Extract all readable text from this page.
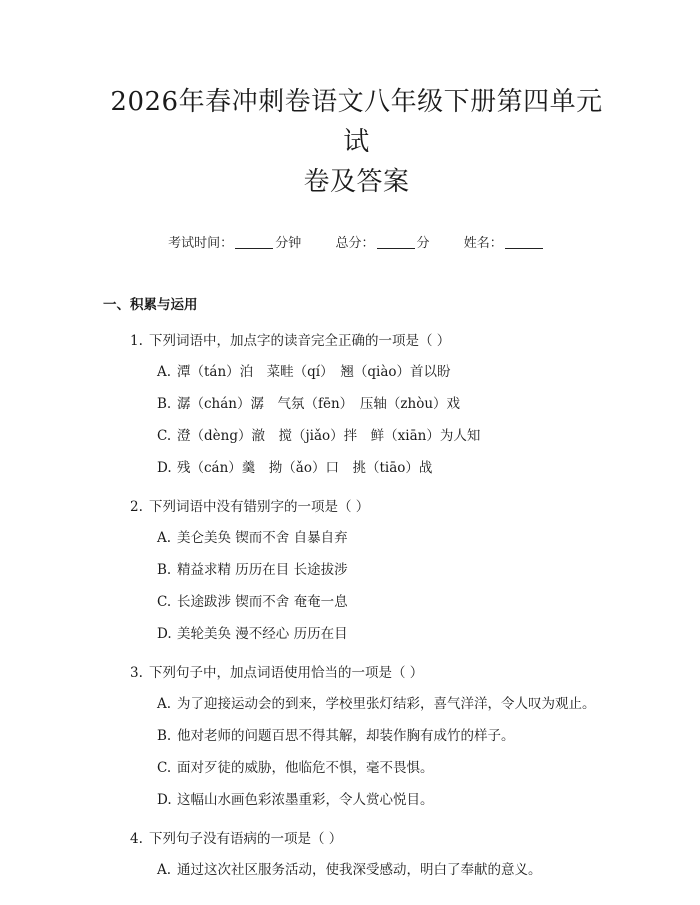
2026年春冲刺卷语文八年级下册第四单元试
卷及答案
考试时间：	分钟	总分：	分	姓名：
一、积累与运用
1. 下列词语中，加点字的读音完全正确的一项是（ ）
A. 潭（tán）泊　菜畦（qí）　翘（qiào）首以盼
B. 潺（chán）潺　气氛（fēn）　压轴（zhòu）戏
C. 澄（dèng）澈　搅（jiǎo）拌　鲜（xiān）为人知
D. 残（cán）羹　拗（ǎo）口　挑（tiāo）战
2. 下列词语中没有错别字的一项是（ ）
A. 美仑美奂 锲而不舍 自暴自弃
B. 精益求精 历历在目 长途拔涉
C. 长途跋涉 锲而不舍 奄奄一息
D. 美轮美奂 漫不经心 历历在目
3. 下列句子中，加点词语使用恰当的一项是（ ）
A. 为了迎接运动会的到来，学校里张灯结彩，喜气洋洋，令人叹为观止。
B. 他对老师的问题百思不得其解，却装作胸有成竹的样子。
C. 面对歹徒的威胁，他临危不惧，毫不畏惧。
D. 这幅山水画色彩浓墨重彩，令人赏心悦目。
4. 下列句子没有语病的一项是（ ）
A. 通过这次社区服务活动，使我深受感动，明白了奉献的意义。
